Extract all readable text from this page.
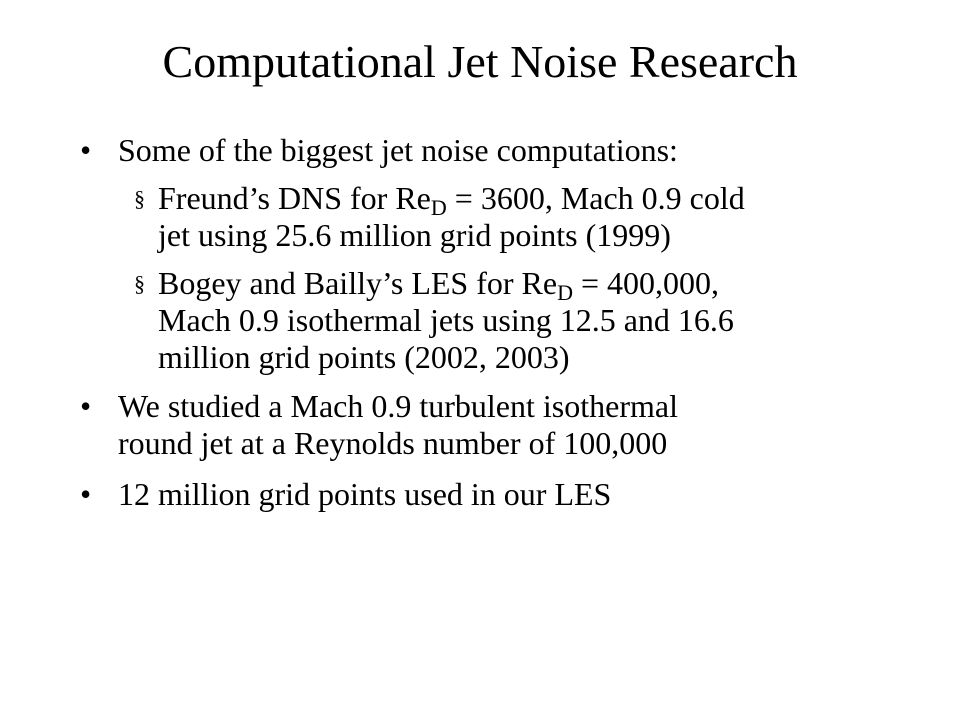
Computational Jet Noise Research
• Some of the biggest jet noise computations:
§ Freund’s DNS for $Re_D = 3600$, Mach 0.9 cold
jet using 25.6 million grid points (1999)
§ Bogey and Bailly’s LES for $Re_D = 400,000$,
Mach 0.9 isothermal jets using 12.5 and 16.6
million grid points (2002, 2003)
• We studied a Mach 0.9 turbulent isothermal
round jet at a Reynolds number of 100,000
• 12 million grid points used in our LES
